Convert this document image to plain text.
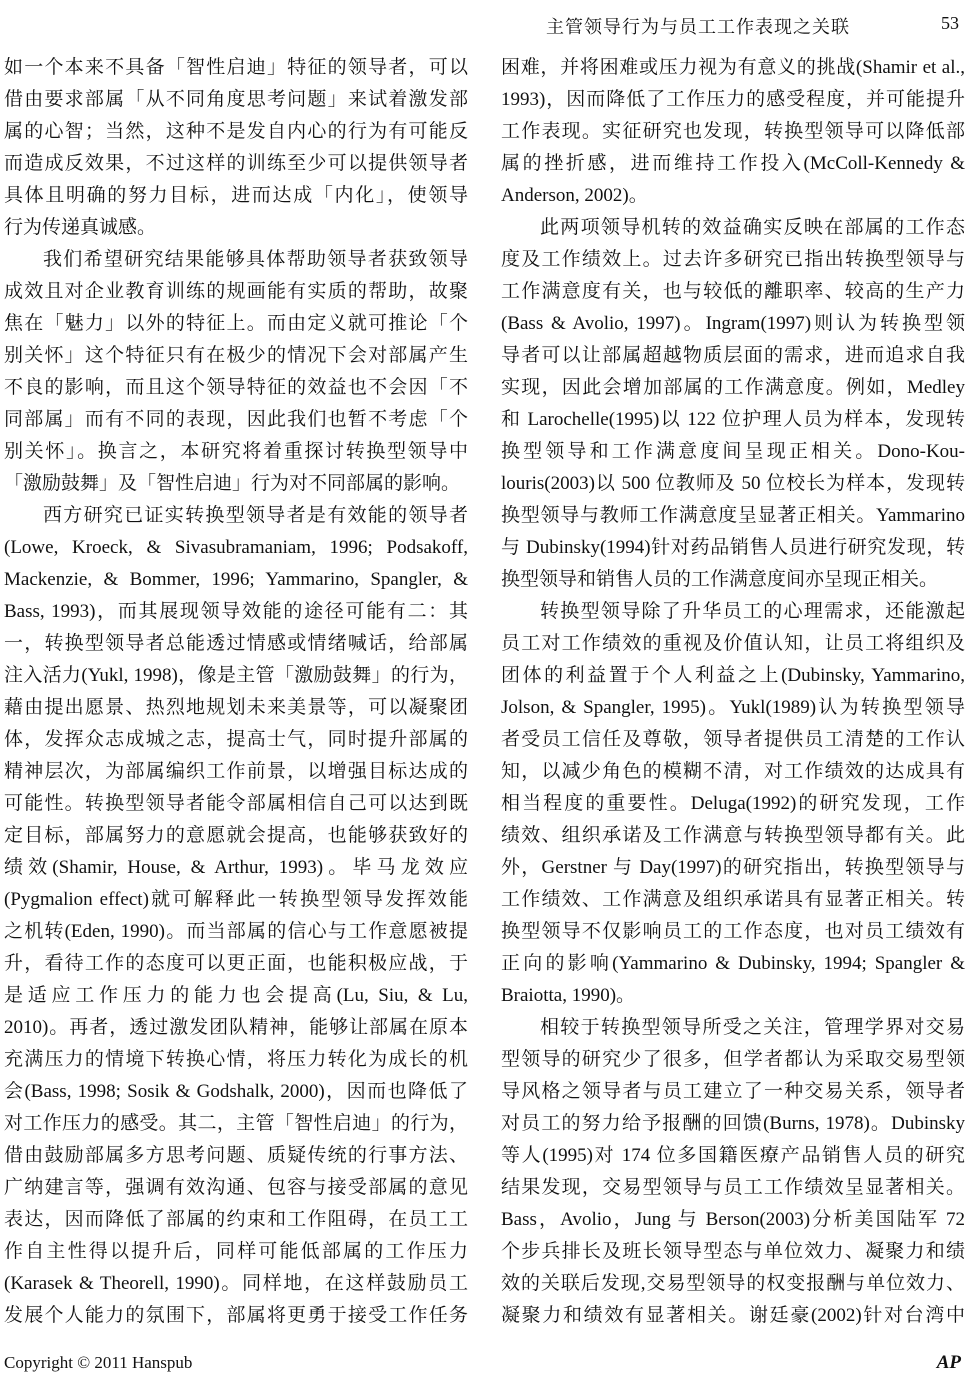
主管领导行为与员工工作表现之关联	53
如一个本来不具备「智性启迪」特征的领导者，可以
借由要求部属「从不同角度思考问题」来试着激发部
属的心智；当然，这种不是发自内心的行为有可能反
而造成反效果，不过这样的训练至少可以提供领导者
具体且明确的努力目标，进而达成「内化」，使领导
行为传递真诚感。
我们希望研究结果能够具体帮助领导者获致领导
成效且对企业教育训练的规画能有实质的帮助，故聚
焦在「魅力」以外的特征上。而由定义就可推论「个
别关怀」这个特征只有在极少的情况下会对部属产生
不良的影响，而且这个领导特征的效益也不会因「不
同部属」而有不同的表现，因此我们也暂不考虑「个
别关怀」。换言之，本研究将着重探讨转换型领导中
「激励鼓舞」及「智性启迪」行为对不同部属的影响。
西方研究已证实转换型领导者是有效能的领导者
(Lowe, Kroeck, & Sivasubramaniam, 1996; Podsakoff,
Mackenzie, & Bommer, 1996; Yammarino, Spangler, &
Bass, 1993)，而其展现领导效能的途径可能有二：其
一，转换型领导者总能透过情感或情绪喊话，给部属
注入活力(Yukl, 1998)，像是主管「激励鼓舞」的行为，
藉由提出愿景、热烈地规划未来美景等，可以凝聚团
体，发挥众志成城之志，提高士气，同时提升部属的
精神层次，为部属编织工作前景，以增强目标达成的
可能性。转换型领导者能令部属相信自己可以达到既
定目标，部属努力的意愿就会提高，也能够获致好的
绩效(Shamir, House, & Arthur, 1993)。毕马龙效应
(Pygmalion effect)就可解释此一转换型领导发挥效能
之机转(Eden, 1990)。而当部属的信心与工作意愿被提
升，看待工作的态度可以更正面，也能积极应战，于
是适应工作压力的能力也会提高(Lu, Siu, & Lu,
2010)。再者，透过激发团队精神，能够让部属在原本
充满压力的情境下转换心情，将压力转化为成长的机
会(Bass, 1998; Sosik & Godshalk, 2000)，因而也降低了
对工作压力的感受。其二，主管「智性启迪」的行为，
借由鼓励部属多方思考问题、质疑传统的行事方法、
广纳建言等，强调有效沟通、包容与接受部属的意见
表达，因而降低了部属的约束和工作阻碍，在员工工
作自主性得以提升后，同样可能低部属的工作压力
(Karasek & Theorell, 1990)。同样地，在这样鼓励员工
发展个人能力的氛围下，部属将更勇于接受工作任务
困难，并将困难或压力视为有意义的挑战(Shamir et al.,
1993)，因而降低了工作压力的感受程度，并可能提升
工作表现。实征研究也发现，转换型领导可以降低部
属的挫折感，进而维持工作投入(McColl-Kennedy &
Anderson, 2002)。
此两项领导机转的效益确实反映在部属的工作态
度及工作绩效上。过去许多研究已指出转换型领导与
工作满意度有关，也与较低的離职率、较高的生产力
(Bass & Avolio, 1997)。Ingram(1997)则认为转换型领
导者可以让部属超越物质层面的需求，进而追求自我
实现，因此会增加部属的工作满意度。例如，Medley
和 Larochelle(1995)以 122 位护理人员为样本，发现转
换型领导和工作满意度间呈现正相关。Dono-Kou-
louris(2003)以 500 位教师及 50 位校长为样本，发现转
换型领导与教师工作满意度呈显著正相关。Yammarino
与 Dubinsky(1994)针对药品销售人员进行研究发现，转
换型领导和销售人员的工作满意度间亦呈现正相关。
转换型领导除了升华员工的心理需求，还能激起
员工对工作绩效的重视及价值认知，让员工将组织及
团体的利益置于个人利益之上(Dubinsky, Yammarino,
Jolson, & Spangler, 1995)。Yukl(1989)认为转换型领导
者受员工信任及尊敬，领导者提供员工清楚的工作认
知，以减少角色的模糊不清，对工作绩效的达成具有
相当程度的重要性。Deluga(1992)的研究发现，工作
绩效、组织承诺及工作满意与转换型领导都有关。此
外，Gerstner 与 Day(1997)的研究指出，转换型领导与
工作绩效、工作满意及组织承诺具有显著正相关。转
换型领导不仅影响员工的工作态度，也对员工绩效有
正向的影响(Yammarino & Dubinsky, 1994; Spangler &
Braiotta, 1990)。
相较于转换型领导所受之关注，管理学界对交易
型领导的研究少了很多，但学者都认为采取交易型领
导风格之领导者与员工建立了一种交易关系，领导者
对员工的努力给予报酬的回馈(Burns, 1978)。Dubinsky
等人(1995)对 174 位多国籍医療产品销售人员的研究
结果发现，交易型领导与员工工作绩效呈显著相关。
Bass，Avolio，Jung 与 Berson(2003)分析美国陆军 72
个步兵排长及班长领导型态与单位效力、凝聚力和绩
效的关联后发现,交易型领导的权变报酬与单位效力、
凝聚力和绩效有显著相关。谢廷豪(2002)针对台湾中
Copyright © 2011 Hanspub	AP
